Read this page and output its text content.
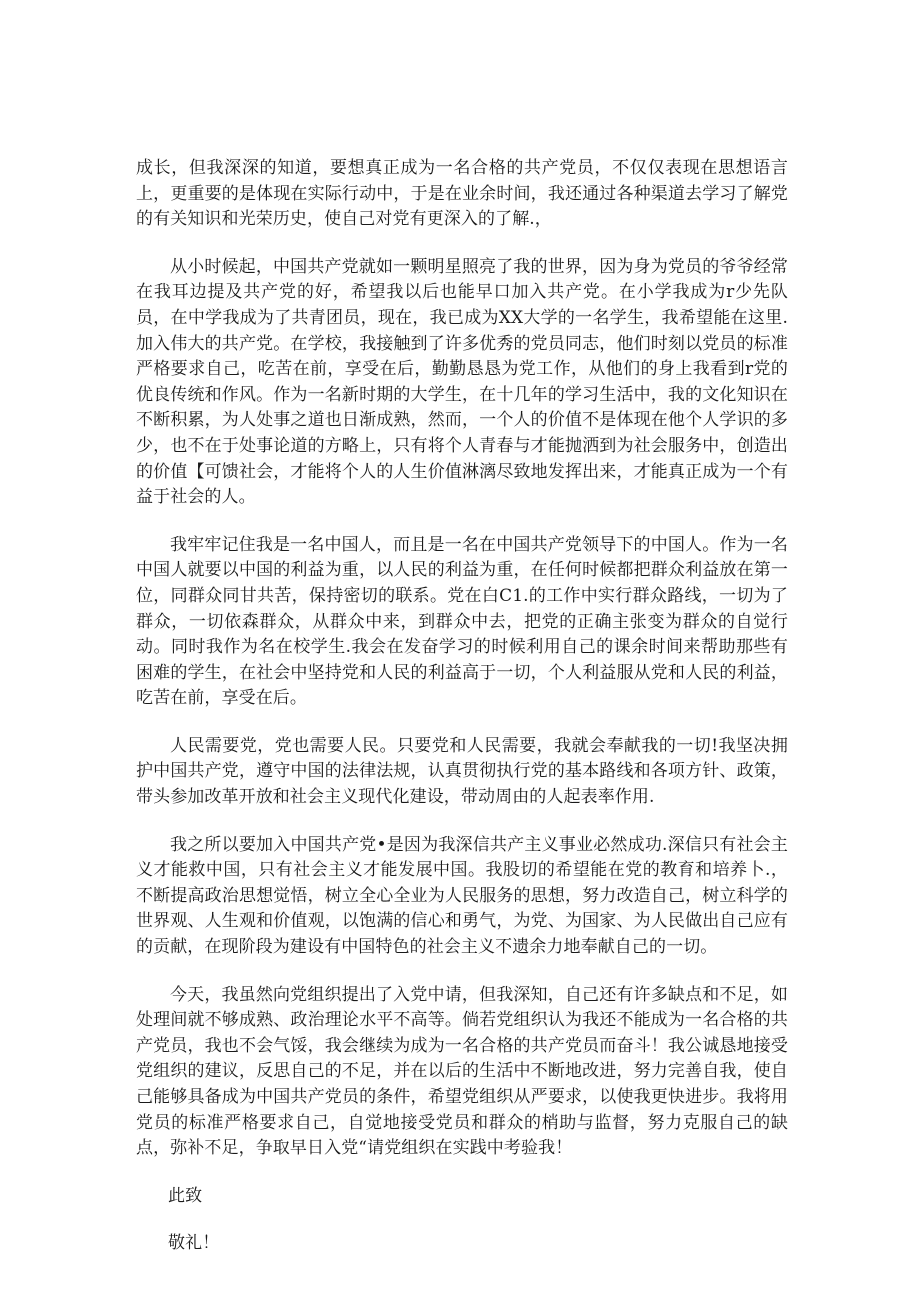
成长，但我深深的知道，要想真正成为一名合格的共产党员，不仅仅表现在思想语言上，更重要的是体现在实际行动中，于是在业余时间，我还通过各种渠道去学习了解党的有关知识和光荣历史，使自己对党有更深入的了解.，

从小时候起，中国共产党就如一颗明星照亮了我的世界，因为身为党员的爷爷经常在我耳边提及共产党的好，希望我以后也能早口加入共产党。在小学我成为r少先队员，在中学我成为了共青团员，现在，我已成为XX大学的一名学生，我希望能在这里.加入伟大的共产党。在学校，我接触到了许多优秀的党员同志，他们时刻以党员的标准严格要求自己，吃苦在前，享受在后，勤勤恳恳为党工作，从他们的身上我看到r党的优良传统和作风。作为一名新时期的大学生，在十几年的学习生活中，我的文化知识在不断积累，为人处事之道也日渐成熟，然而，一个人的价值不是体现在他个人学识的多少，也不在于处事论道的方略上，只有将个人青春与才能抛洒到为社会服务中，创造出的价值【可馈社会，才能将个人的人生价值淋漓尽致地发挥出来，才能真正成为一个有益于社会的人。

我牢牢记住我是一名中国人，而且是一名在中国共产党领导下的中国人。作为一名中国人就要以中国的利益为重，以人民的利益为重，在任何时候都把群众利益放在第一位，同群众同甘共苦，保持密切的联系。党在白C1.的工作中实行群众路线，一切为了群众，一切依森群众，从群众中来，到群众中去，把党的正确主张变为群众的自觉行动。同时我作为名在校学生.我会在发奋学习的时候利用自己的课余时间来帮助那些有困难的学生，在社会中坚持党和人民的利益高于一切，个人利益服从党和人民的利益，吃苦在前，享受在后。

人民需要党，党也需要人民。只要党和人民需要，我就会奉献我的一切!我坚决拥护中国共产党，遵守中国的法律法规，认真贯彻执行党的基本路线和各项方针、政策，带头参加改革开放和社会主义现代化建设，带动周由的人起表率作用.

我之所以要加入中国共产党•是因为我深信共产主义事业必然成功.深信只有社会主义才能救中国，只有社会主义才能发展中国。我股切的希望能在党的教育和培养卜.，不断提高政治思想觉悟，树立全心全业为人民服务的思想，努力改造自己，树立科学的世界观、人生观和价值观，以饱满的信心和勇气，为党、为国家、为人民做出自己应有的贡献，在现阶段为建设有中国特色的社会主义不遗余力地奉献自己的一切。

今天，我虽然向党组织提出了入党中请，但我深知，自己还有许多缺点和不足，如处理间就不够成熟、政治理论水平不高等。倘若党组织认为我还不能成为一名合格的共产党员，我也不会气馁，我会继续为成为一名合格的共产党员而奋斗！我公诚恳地接受党组织的建议，反思自己的不足，并在以后的生活中不断地改进，努力完善自我，使自己能够具备成为中国共产党员的条件，希望党组织从严要求，以使我更快进步。我将用党员的标准严格要求自己，自觉地接受党员和群众的梢助与监督，努力克服自己的缺点，弥补不足，争取早日入党“请党组织在实践中考验我！

此致

敬礼！
